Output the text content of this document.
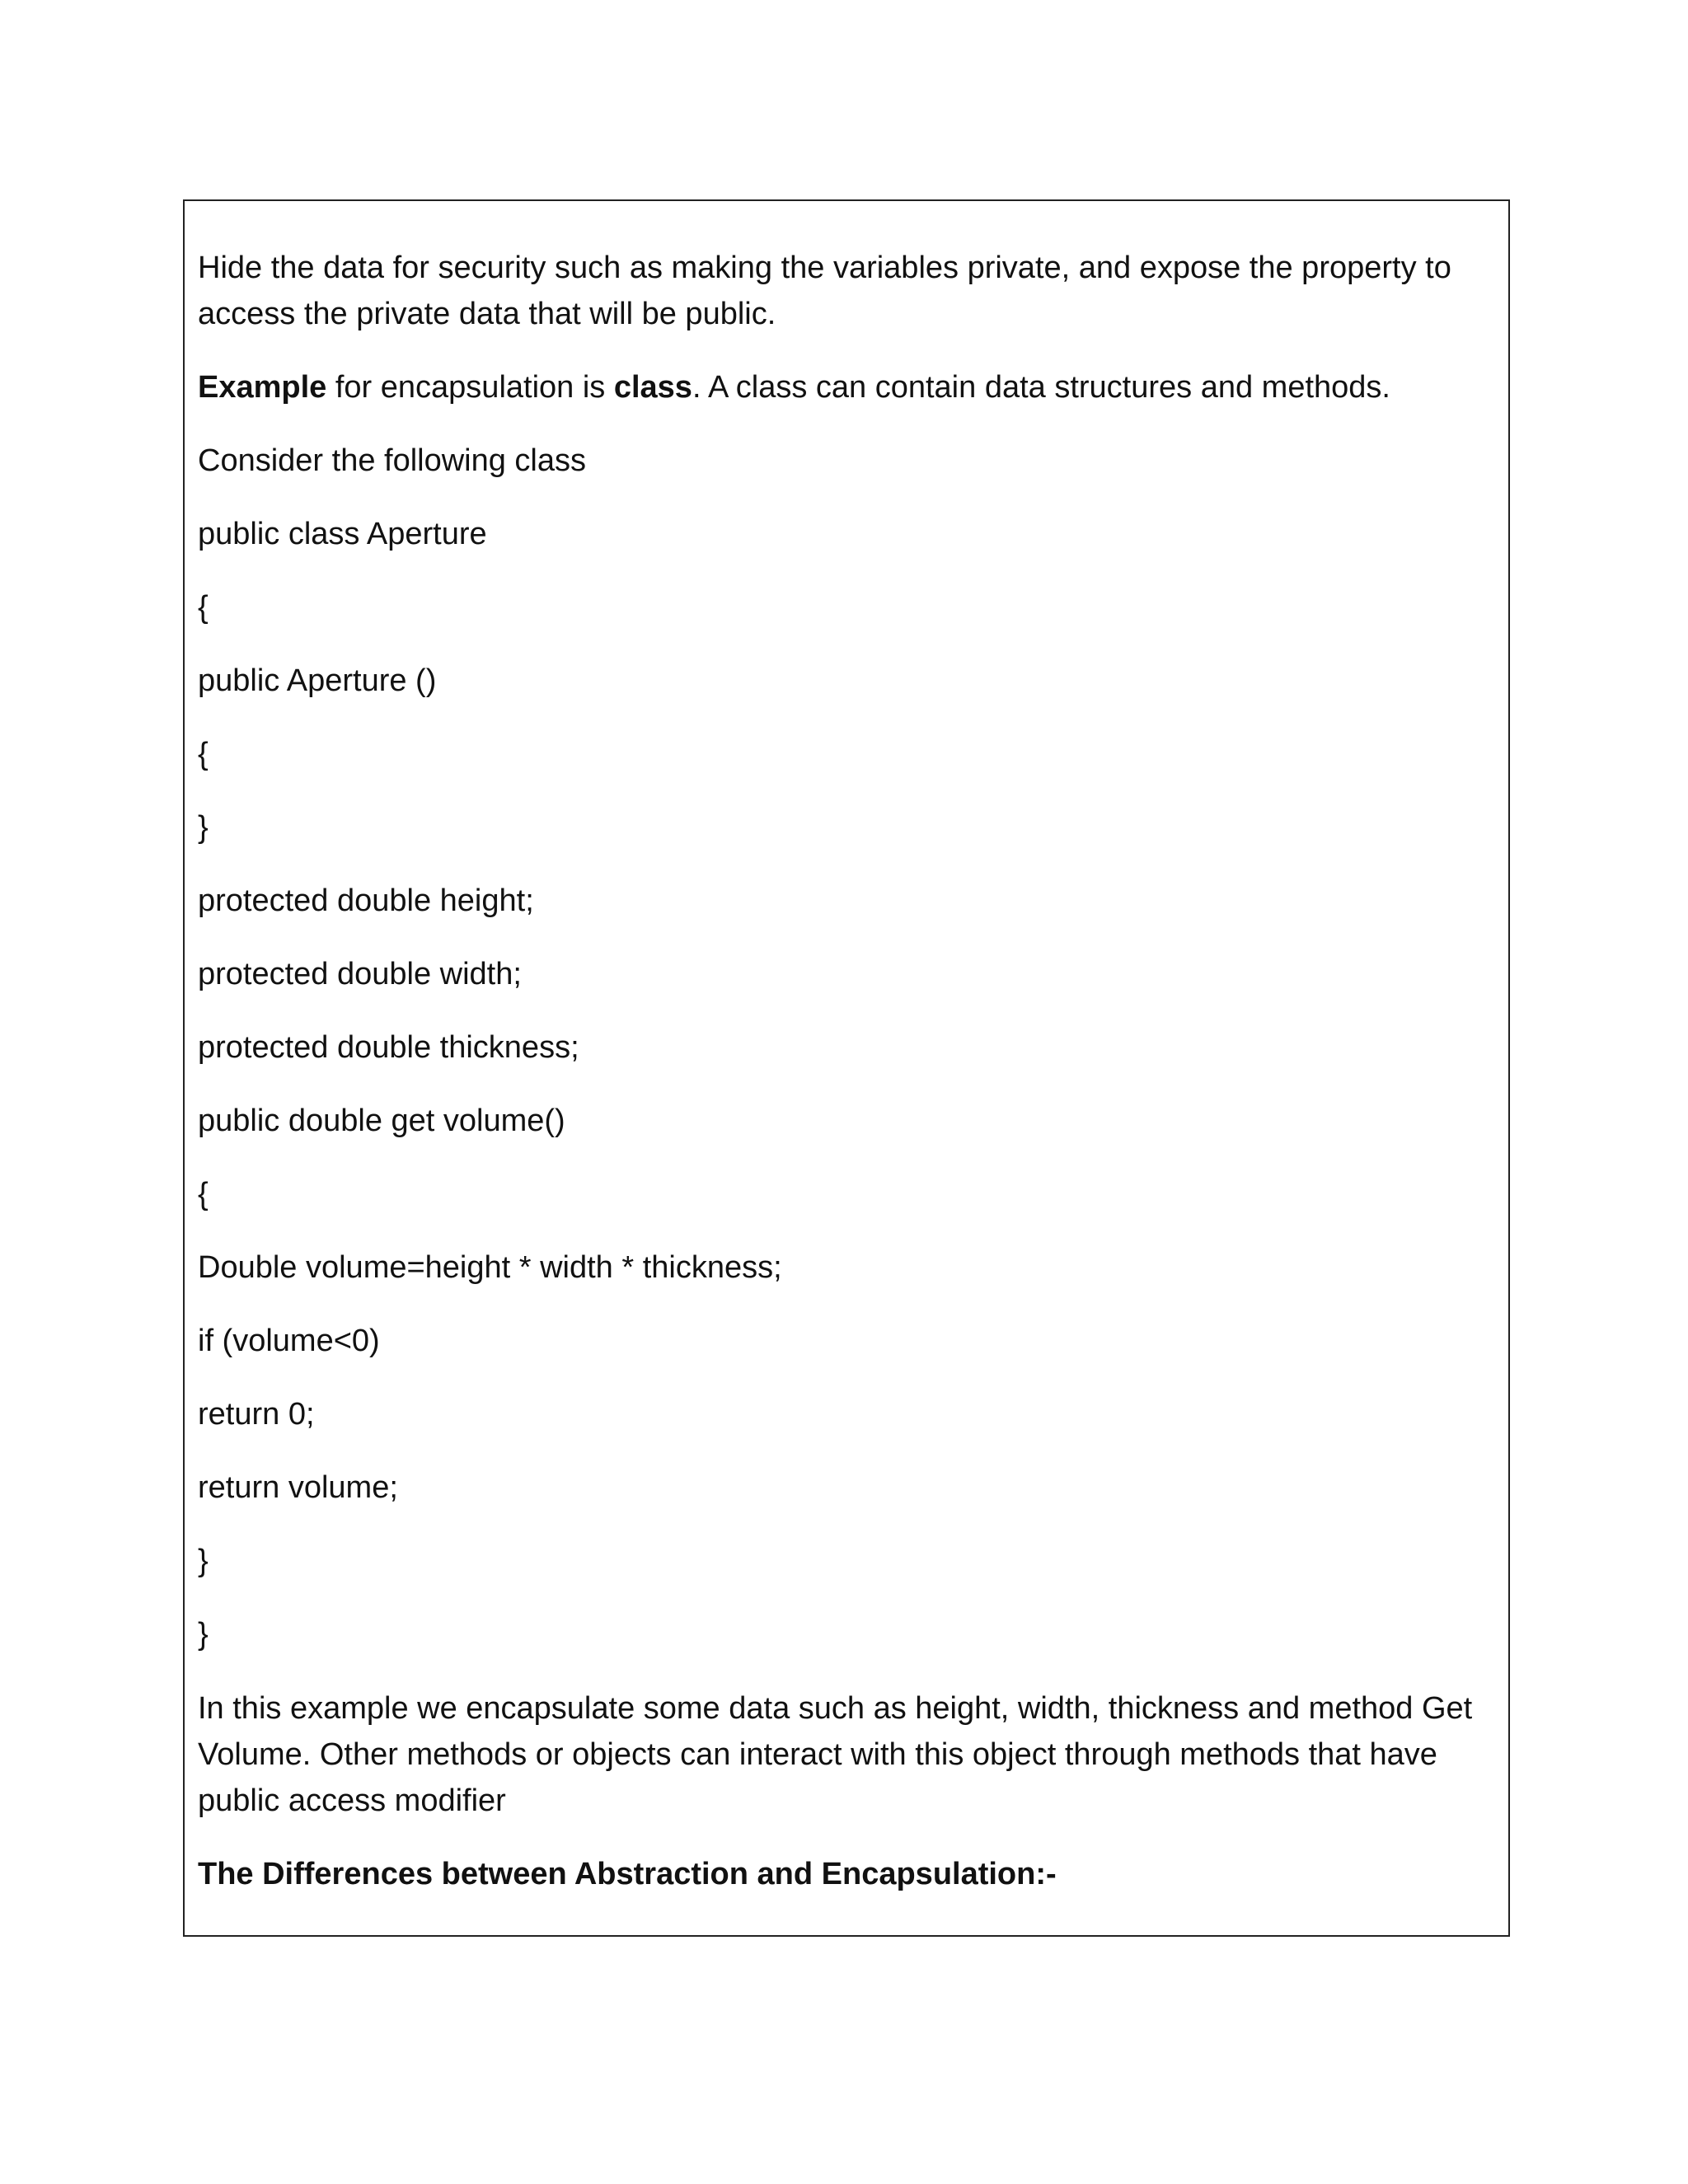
Hide the data for security such as making the variables private, and expose the property to
access the private data that will be public.
Example for encapsulation is class. A class can contain data structures and methods.
Consider the following class
public class Aperture
{
public Aperture ()
{
}
protected double height;
protected double width;
protected double thickness;
public double get volume()
{
Double volume=height * width * thickness;
if (volume<0)
return 0;
return volume;
}
}
In this example we encapsulate some data such as height, width, thickness and method Get
Volume. Other methods or objects can interact with this object through methods that have
public access modifier
The Differences between Abstraction and Encapsulation:-
